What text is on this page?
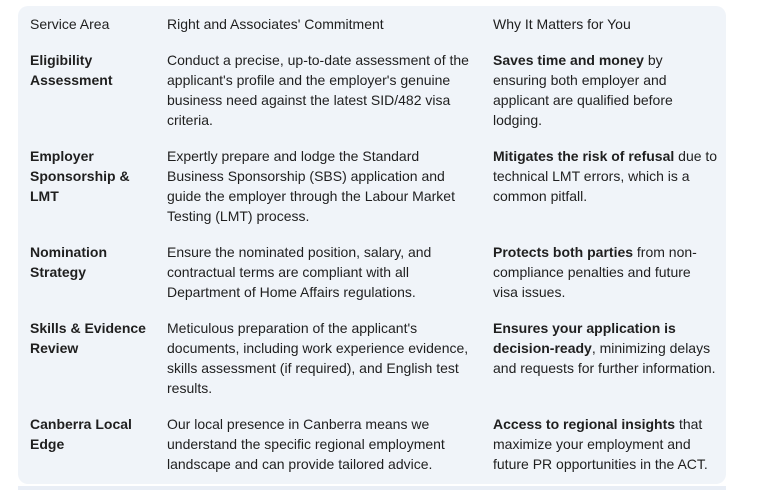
Service Area	Right and Associates' Commitment	Why It Matters for You
Eligibility Assessment	Conduct a precise, up-to-date assessment of the applicant's profile and the employer's genuine business need against the latest SID/482 visa criteria.	Saves time and money by ensuring both employer and applicant are qualified before lodging.
Employer Sponsorship & LMT	Expertly prepare and lodge the Standard Business Sponsorship (SBS) application and guide the employer through the Labour Market Testing (LMT) process.	Mitigates the risk of refusal due to technical LMT errors, which is a common pitfall.
Nomination Strategy	Ensure the nominated position, salary, and contractual terms are compliant with all Department of Home Affairs regulations.	Protects both parties from non-compliance penalties and future visa issues.
Skills & Evidence Review	Meticulous preparation of the applicant's documents, including work experience evidence, skills assessment (if required), and English test results.	Ensures your application is decision-ready, minimizing delays and requests for further information.
Canberra Local Edge	Our local presence in Canberra means we understand the specific regional employment landscape and can provide tailored advice.	Access to regional insights that maximize your employment and future PR opportunities in the ACT.
